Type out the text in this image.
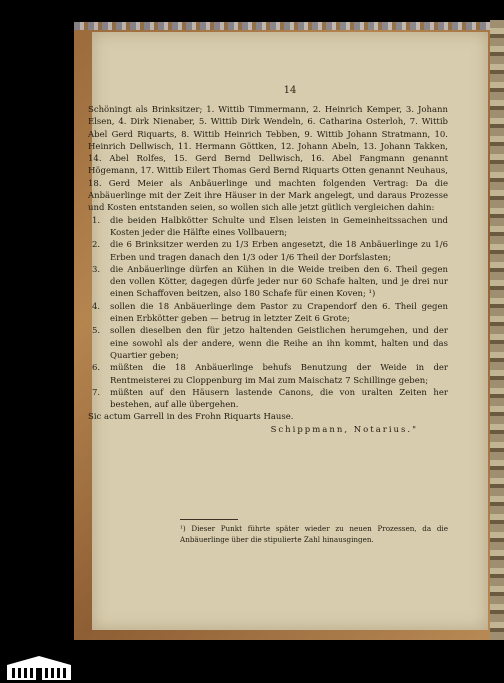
14

Schöningt als Brinksitzer; 1. Wittib Timmermann, 2. Heinrich Kemper, 3. Johann Elsen, 4. Dirk Nienaber, 5. Wittib Dirk Wendeln, 6. Catharina Osterloh, 7. Wittib Abel Gerd Riquarts, 8. Wittib Heinrich Tebben, 9. Wittib Johann Stratmann, 10. Heinrich Dellwisch, 11. Hermann Göttken, 12. Johann Abeln, 13. Johann Takken, 14. Abel Rolfes, 15. Gerd Bernd Dellwisch, 16. Abel Fangmann genannt Högemann, 17. Wittib Eilert Thomas Gerd Bernd Riquarts Otten genannt Neuhaus, 18. Gerd Meier als Anbäuerlinge und machten folgenden Vertrag: Da die Anbäuerlinge mit der Zeit ihre Häuser in der Mark angelegt, und daraus Prozesse und Kosten entstanden seien, so wollen sich alle jetzt gütlich vergleichen dahin:

1. die beiden Halbkötter Schulte und Elsen leisten in Gemeinheitssachen und Kosten jeder die Hälfte eines Vollbauern;
2. die 6 Brinksitzer werden zu 1/3 Erben angesetzt, die 18 Anbäuerlinge zu 1/6 Erben und tragen danach den 1/3 oder 1/6 Theil der Dorfslasten;
3. die Anbäuerlinge dürfen an Kühen in die Weide treiben den 6. Theil gegen den vollen Kötter, dagegen dürfe jeder nur 60 Schafe halten, und je drei nur einen Schaffoven beitzen, also 180 Schafe für einen Koven; ¹)
4. sollen die 18 Anbäuerlinge dem Pastor zu Crapendorf den 6. Theil gegen einen Erbkötter geben — betrug in letzter Zeit 6 Grote;
5. sollen dieselben den für jetzo haltenden Geistlichen herumgehen, und der eine sowohl als der andere, wenn die Reihe an ihn kommt, halten und das Quartier geben;
6. müßten die 18 Anbäuerlinge behufs Benutzung der Weide in der Rentmeisterei zu Cloppenburg im Mai zum Maischatz 7 Schillinge geben;
7. müßten auf den Häusern lastende Canons, die von uralten Zeiten her bestehen, auf alle übergehen.

Sic actum Garrell in des Frohn Riquarts Hause.

Schippmann, Notarius."

¹) Dieser Punkt führte später wieder zu neuen Prozessen, da die Anbäuerlinge über die stipulierte Zahl hinausgingen.
